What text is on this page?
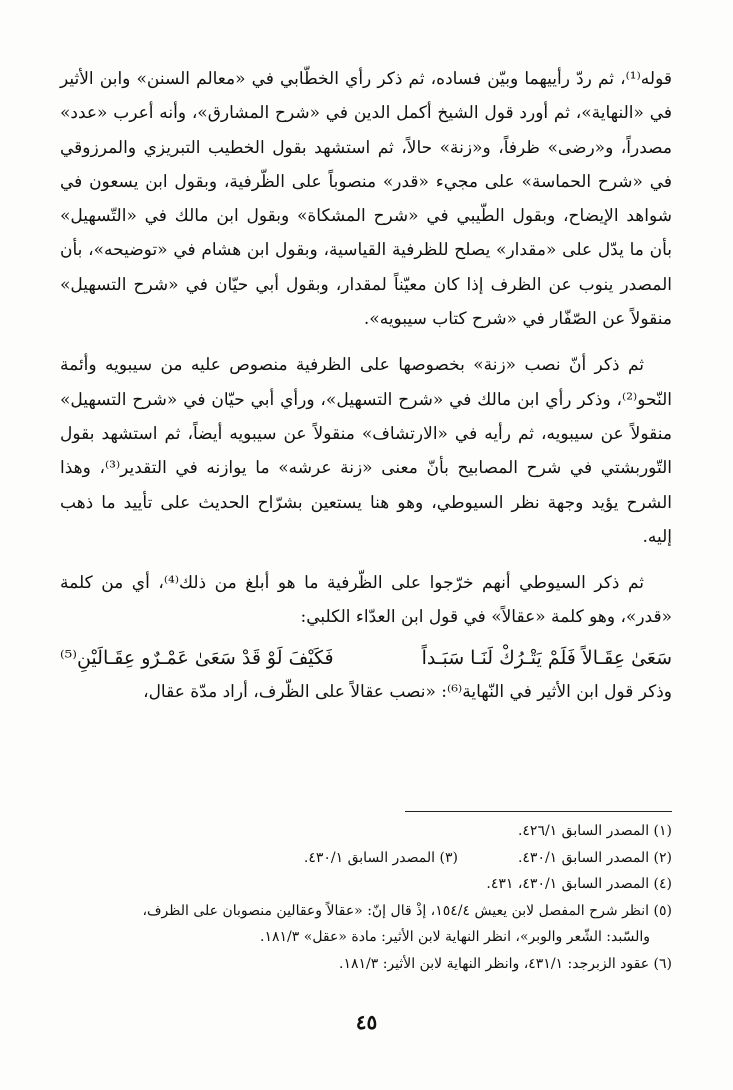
قوله⁽¹⁾، ثم ردّ رأييهما وبيّن فساده، ثم ذكر رأي الخطّابي في «معالم السنن» وابن الأثير في «النهاية»، ثم أورد قول الشيخ أكمل الدين في «شرح المشارق»، وأنه أعرب «عدد» مصدراً، و«رضى» ظرفاً، و«زنة» حالاً، ثم استشهد بقول الخطيب التبريزي والمرزوقي في «شرح الحماسة» على مجيء «قدر» منصوباً على الظّرفية، وبقول ابن يسعون في شواهد الإيضاح، وبقول الطّيبي في «شرح المشكاة» وبقول ابن مالك في «التّسهيل» بأن ما يدّل على «مقدار» يصلح للظرفية القياسية، وبقول ابن هشام في «توضيحه»، بأن المصدر ينوب عن الظرف إذا كان معيّناً لمقدار، وبقول أبي حيّان في «شرح التسهيل» منقولاً عن الصّفّار في «شرح كتاب سيبويه».

ثم ذكر أنّ نصب «زنة» بخصوصها على الظرفية منصوص عليه من سيبويه وأئمة النّحو⁽²⁾، وذكر رأي ابن مالك في «شرح التسهيل»، ورأي أبي حيّان في «شرح التسهيل» منقولاً عن سيبويه، ثم رأيه في «الارتشاف» منقولاً عن سيبويه أيضاً، ثم استشهد بقول التّوربشتي في شرح المصابيح بأنّ معنى «زنة عرشه» ما يوازنه في التقدير⁽³⁾، وهذا الشرح يؤيد وجهة نظر السيوطي، وهو هنا يستعين بشرّاح الحديث على تأييد ما ذهب إليه.

ثم ذكر السيوطي أنهم خرّجوا على الظّرفية ما هو أبلغ من ذلك⁽⁴⁾، أي من كلمة «قدر»، وهو كلمة «عقالاً» في قول ابن العدّاء الكلبي:

سَعَىٰ عِقَـالاً فَلَمْ يَتْـرُكْ لَنَـا سَبَـداً
فَكَيْفَ لَوْ قَدْ سَعَىٰ عَمْـرٌو عِقَـالَيْنِ⁽⁵⁾

وذكر قول ابن الأثير في النّهاية⁽⁶⁾: «نصب عقالاً على الظّرف، أراد مدّة عقال،

(١) المصدر السابق ٤٢٦/١.
(٢) المصدر السابق ٤٣٠/١.
(٣) المصدر السابق ٤٣٠/١.
(٤) المصدر السابق ٤٣٠/١، ٤٣١.
(٥) انظر شرح المفصل لابن يعيش ١٥٤/٤، إذْ قال إنّ: «عقالاً وعقالين منصوبان على الظرف،
والسّبد: الشّعر والوبر»، انظر النهاية لابن الأثير: مادة «عقل» ١٨١/٣.
(٦) عقود الزبرجد: ٤٣١/١، وانظر النهاية لابن الأثير: ١٨١/٣.
٤٥
